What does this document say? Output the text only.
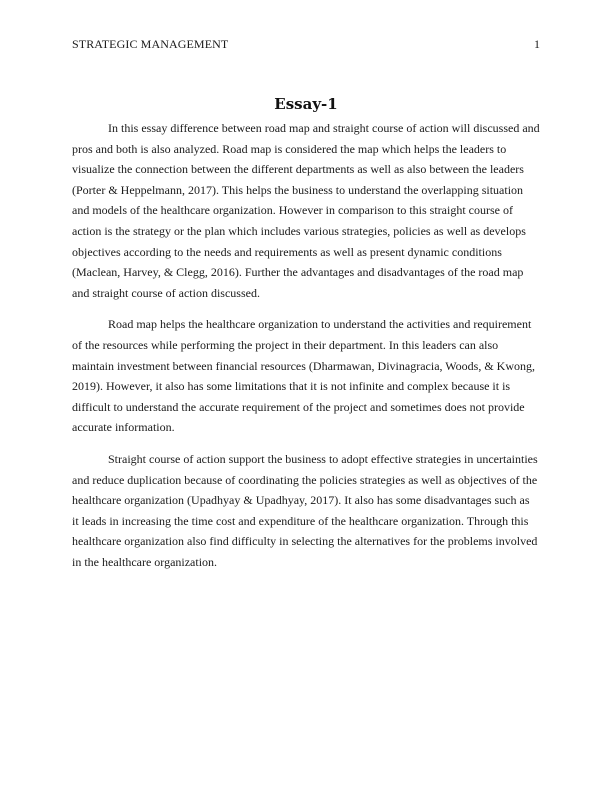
STRATEGIC MANAGEMENT	1
Essay-1
In this essay difference between road map and straight course of action will discussed and
pros and both is also analyzed. Road map is considered the map which helps the leaders to
visualize the connection between the different departments as well as also between the leaders
(Porter & Heppelmann, 2017). This helps the business to understand the overlapping situation
and models of the healthcare organization. However in comparison to this straight course of
action is the strategy or the plan which includes various strategies, policies as well as develops
objectives according to the needs and requirements as well as present dynamic conditions
(Maclean, Harvey, & Clegg, 2016). Further the advantages and disadvantages of the road map
and straight course of action discussed.
Road map helps the healthcare organization to understand the activities and requirement
of the resources while performing the project in their department. In this leaders can also
maintain investment between financial resources (Dharmawan, Divinagracia, Woods, & Kwong,
2019). However, it also has some limitations that it is not infinite and complex because it is
difficult to understand the accurate requirement of the project and sometimes does not provide
accurate information.
Straight course of action support the business to adopt effective strategies in uncertainties
and reduce duplication because of coordinating the policies strategies as well as objectives of the
healthcare organization (Upadhyay & Upadhyay, 2017). It also has some disadvantages such as
it leads in increasing the time cost and expenditure of the healthcare organization. Through this
healthcare organization also find difficulty in selecting the alternatives for the problems involved
in the healthcare organization.
